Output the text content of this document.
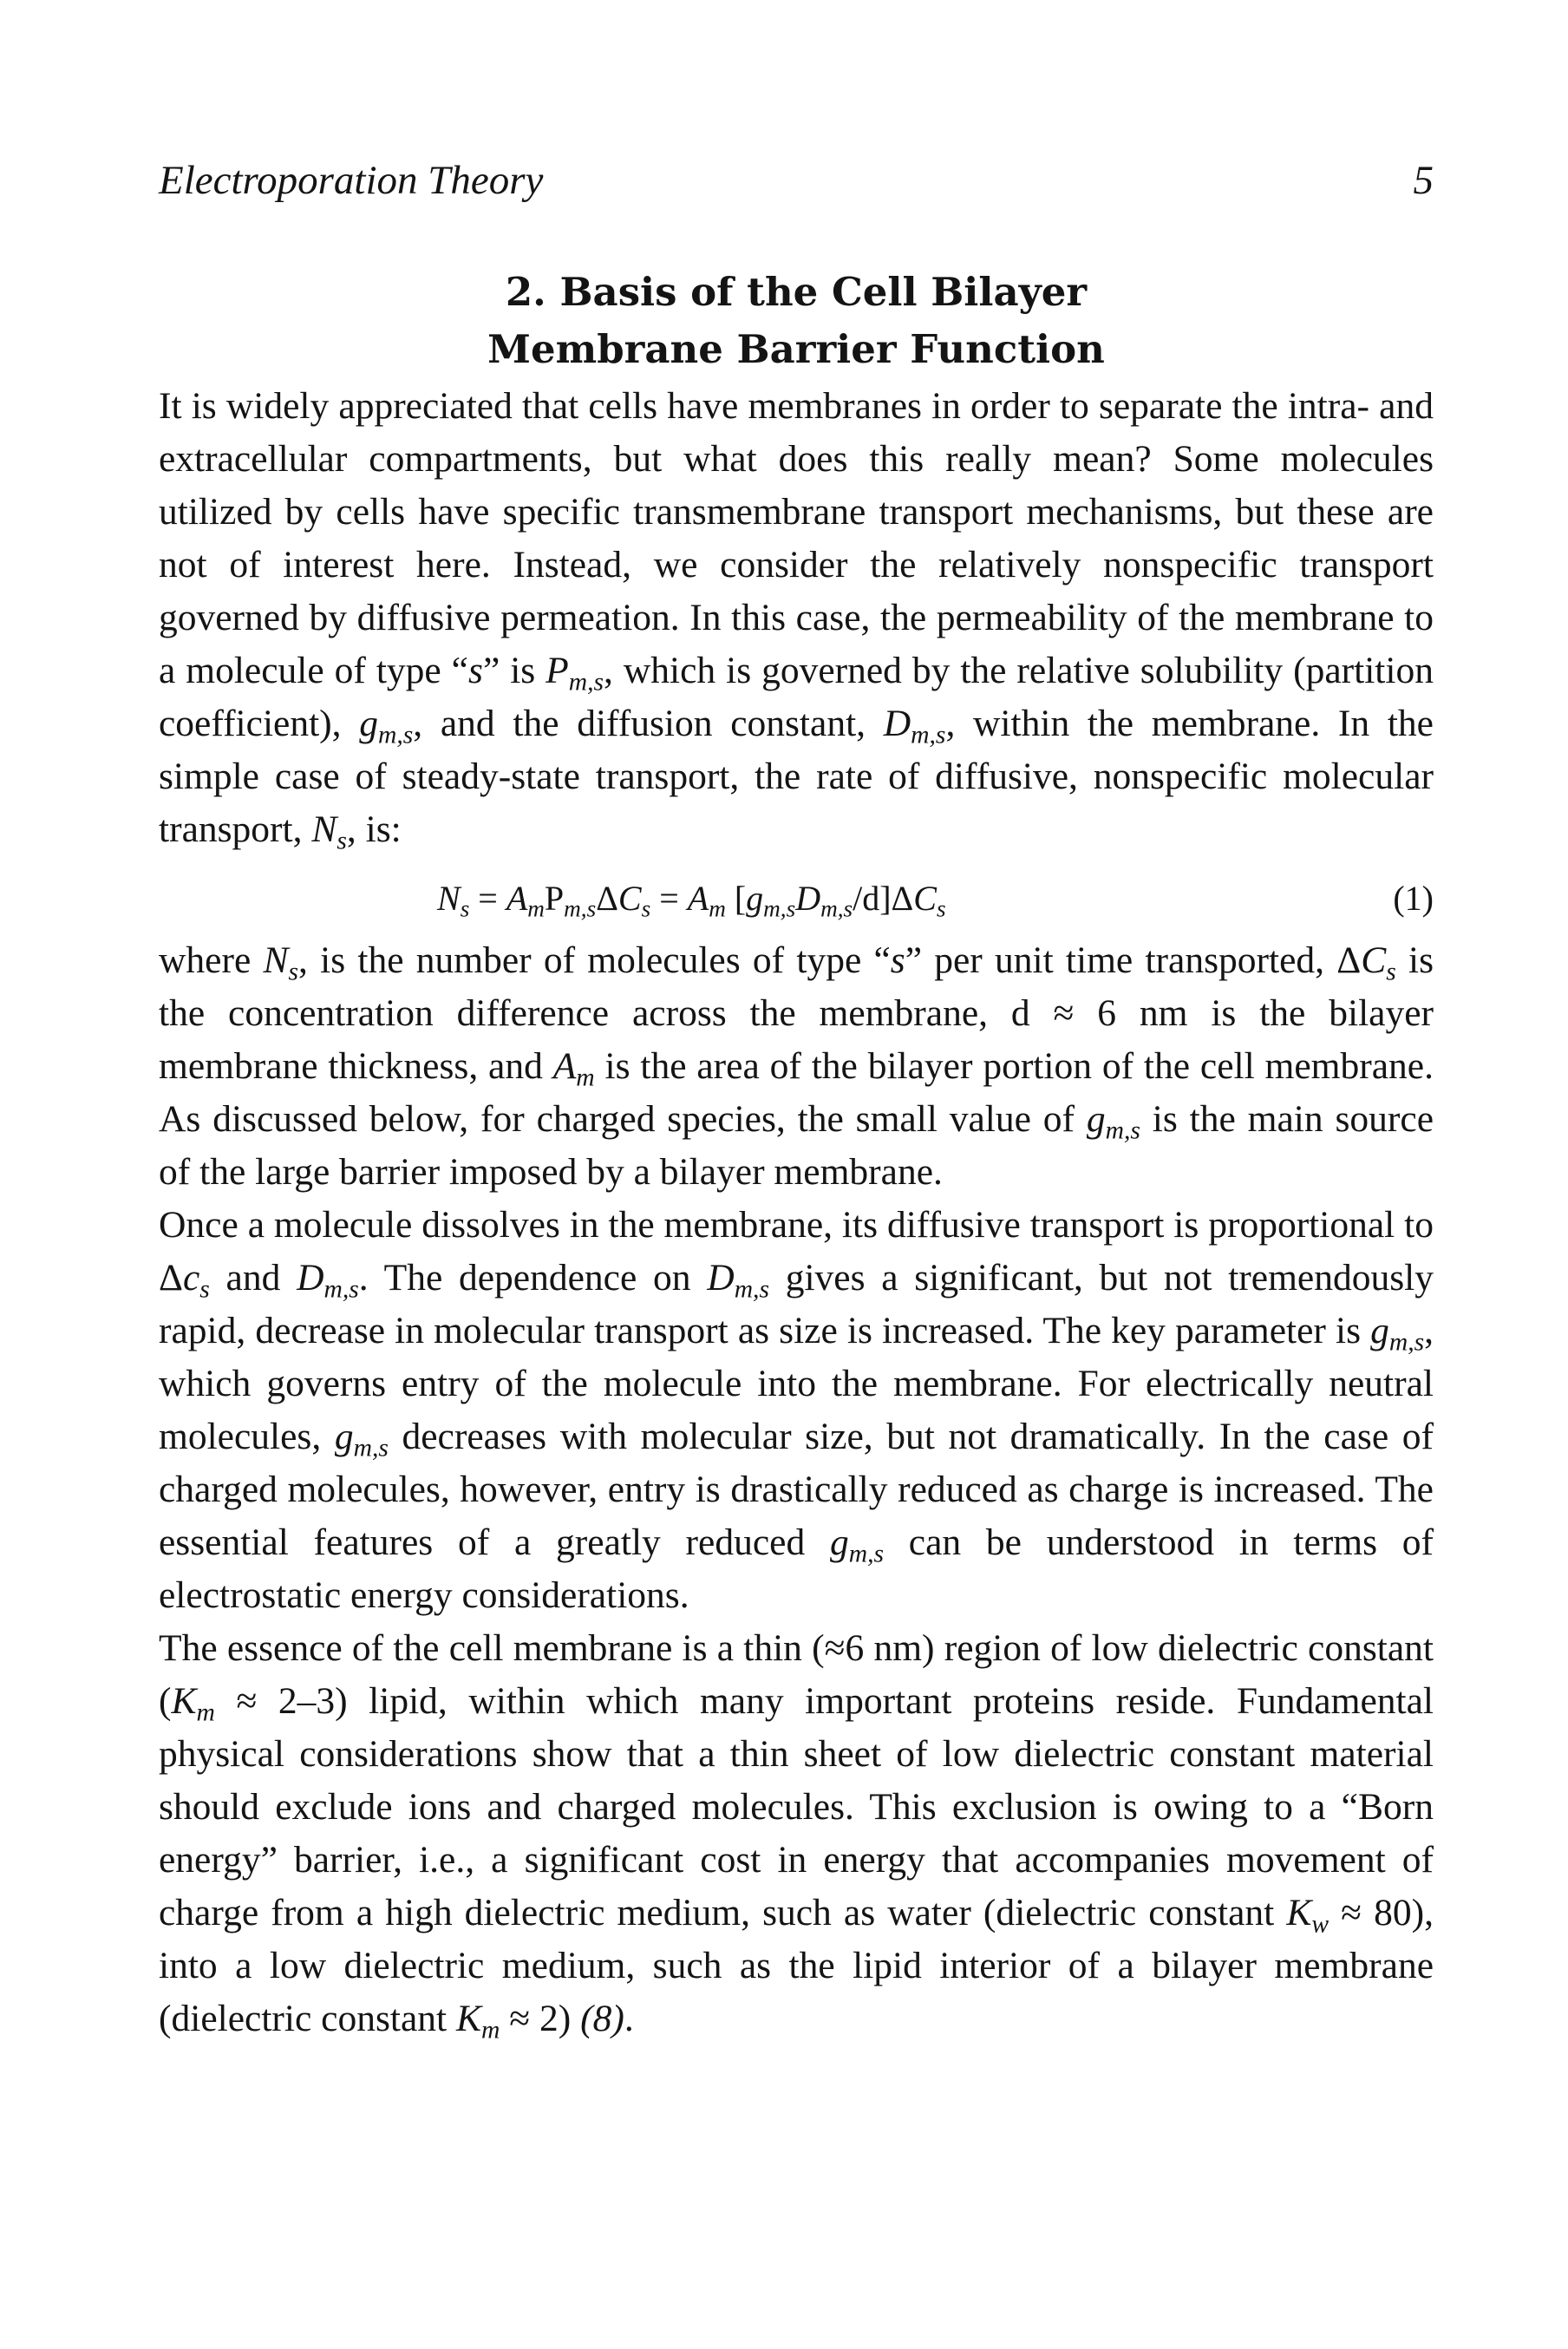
Electroporation Theory	5
2. Basis of the Cell Bilayer
Membrane Barrier Function

It is widely appreciated that cells have membranes in order to separate the intra- and extracellular compartments, but what does this really mean? Some molecules utilized by cells have specific transmembrane transport mechanisms, but these are not of interest here. Instead, we consider the relatively nonspecific transport governed by diffusive permeation. In this case, the permeability of the membrane to a molecule of type “s” is $P_{m,s}$, which is governed by the relative solubility (partition coefficient), $g_{m,s}$, and the diffusion constant, $D_{m,s}$, within the membrane. In the simple case of steady-state transport, the rate of diffusive, nonspecific molecular transport, $N_s$, is:

$N_s = A_mP_{m,s}\Delta C_s = A_m$ $[g_{m,s}D_{m,s}/d]\Delta C_s$	(1)

where $N_s$, is the number of molecules of type “s” per unit time transported, $\Delta C_s$ is the concentration difference across the membrane, d ≈ 6 nm is the bilayer membrane thickness, and $A_m$ is the area of the bilayer portion of the cell membrane. As discussed below, for charged species, the small value of $g_{m,s}$ is the main source of the large barrier imposed by a bilayer membrane.

Once a molecule dissolves in the membrane, its diffusive transport is proportional to $\Delta c_s$ and $D_{m,s}$. The dependence on $D_{m,s}$ gives a significant, but not tremendously rapid, decrease in molecular transport as size is increased. The key parameter is $g_{m,s}$, which governs entry of the molecule into the membrane. For electrically neutral molecules, $g_{m,s}$ decreases with molecular size, but not dramatically. In the case of charged molecules, however, entry is drastically reduced as charge is increased. The essential features of a greatly reduced $g_{m,s}$ can be understood in terms of electrostatic energy considerations.

The essence of the cell membrane is a thin (≈6 nm) region of low dielectric constant $(K_m \approx 2-3)$ lipid, within which many important proteins reside. Fundamental physical considerations show that a thin sheet of low dielectric constant material should exclude ions and charged molecules. This exclusion is owing to a “Born energy” barrier, i.e., a significant cost in energy that accompanies movement of charge from a high dielectric medium, such as water (dielectric constant $K_w \approx 80$), into a low dielectric medium, such as the lipid interior of a bilayer membrane (dielectric constant $K_m \approx 2$) (8).
